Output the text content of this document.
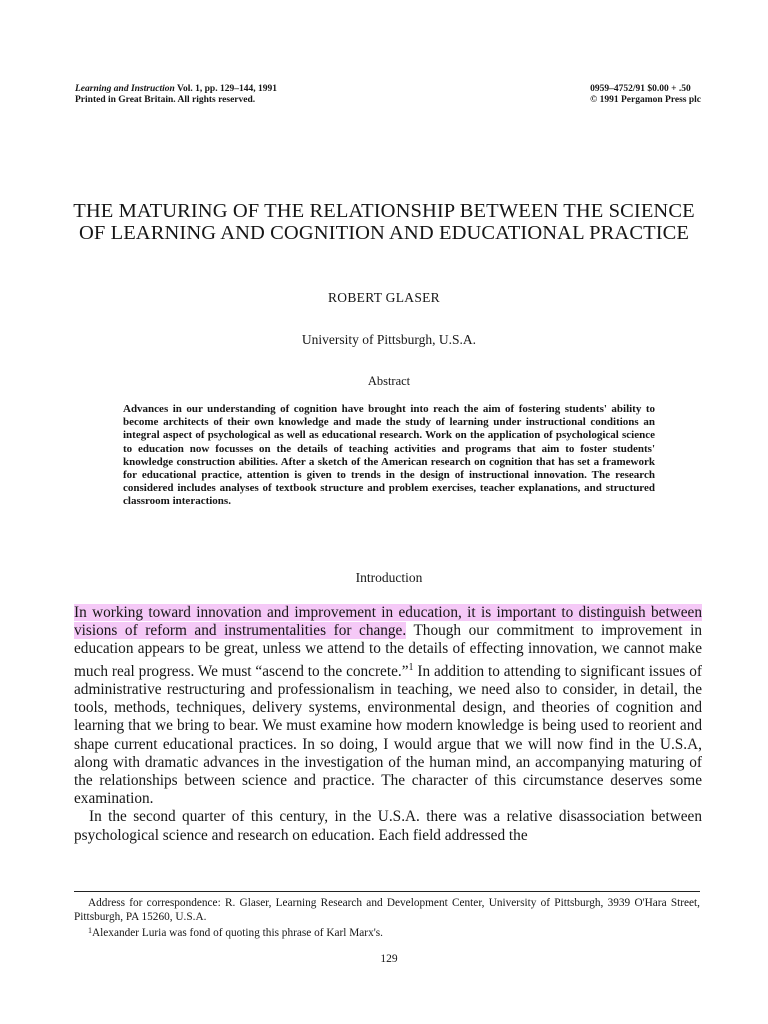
Learning and Instruction Vol. 1, pp. 129–144, 1991
Printed in Great Britain. All rights reserved.
0959–4752/91 $0.00 + .50
© 1991 Pergamon Press plc
THE MATURING OF THE RELATIONSHIP BETWEEN THE SCIENCE OF LEARNING AND COGNITION AND EDUCATIONAL PRACTICE
ROBERT GLASER
University of Pittsburgh, U.S.A.
Abstract
Advances in our understanding of cognition have brought into reach the aim of fostering students' ability to become architects of their own knowledge and made the study of learning under instructional conditions an integral aspect of psychological as well as educational research. Work on the application of psychological science to education now focusses on the details of teaching activities and programs that aim to foster students' knowledge construction abilities. After a sketch of the American research on cognition that has set a framework for educational practice, attention is given to trends in the design of instructional innovation. The research considered includes analyses of textbook structure and problem exercises, teacher explanations, and structured classroom interactions.
Introduction

In working toward innovation and improvement in education, it is important to distinguish between visions of reform and instrumentalities for change. Though our commitment to improvement in education appears to be great, unless we attend to the details of effecting innovation, we cannot make much real progress. We must “ascend to the concrete.”$^1$ In addition to attending to significant issues of administrative restructuring and professionalism in teaching, we need also to consider, in detail, the tools, methods, techniques, delivery systems, environmental design, and theories of cognition and learning that we bring to bear. We must examine how modern knowledge is being used to reorient and shape current educational practices. In so doing, I would argue that we will now find in the U.S.A, along with dramatic advances in the investigation of the human mind, an accompanying maturing of the relationships between science and practice. The character of this circumstance deserves some examination.

In the second quarter of this century, in the U.S.A. there was a relative disassociation between psychological science and research on education. Each field addressed the

Address for correspondence: R. Glaser, Learning Research and Development Center, University of Pittsburgh, 3939 O'Hara Street, Pittsburgh, PA 15260, U.S.A.

$^1$Alexander Luria was fond of quoting this phrase of Karl Marx's.

129
